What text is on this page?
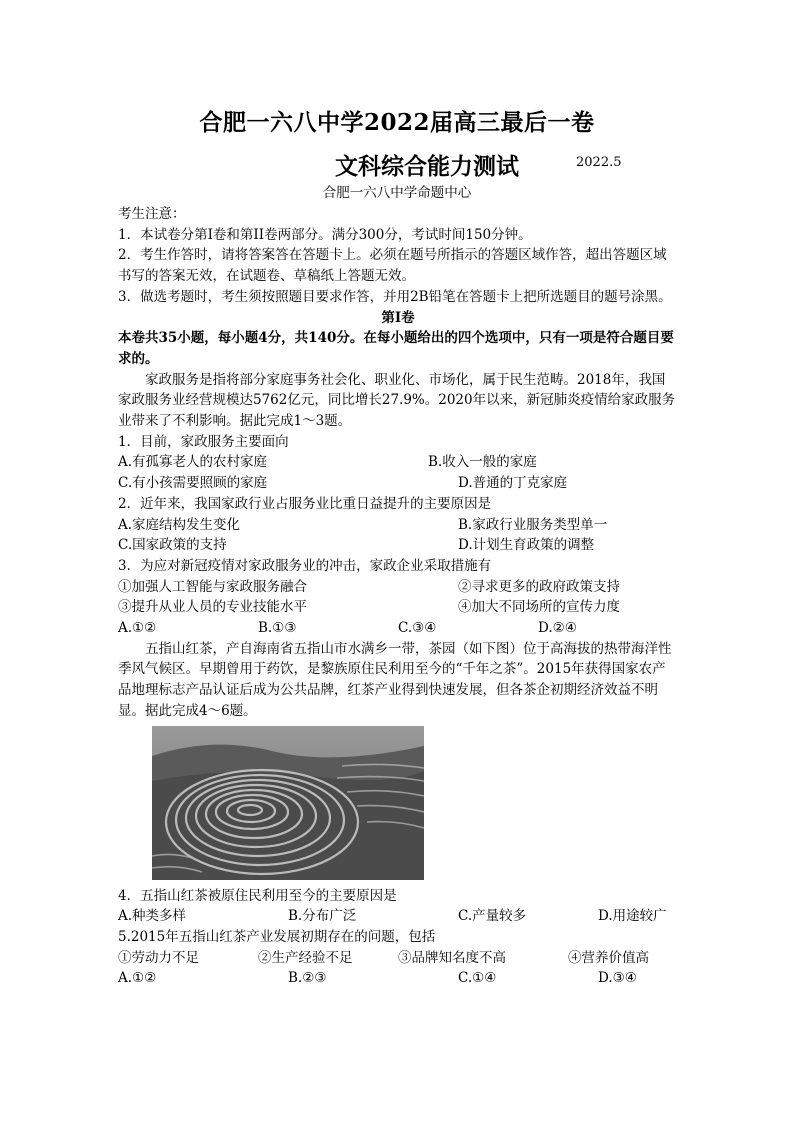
合肥一六八中学2022届高三最后一卷
文科综合能力测试	2022.5
合肥一六八中学命题中心

考生注意：

1．本试卷分第I卷和第II卷两部分。满分300分，考试时间150分钟。

2．考生作答时，请将答案答在答题卡上。必须在题号所指示的答题区域作答，超出答题区域书写的答案无效，在试题卷、草稿纸上答题无效。

3．做选考题时，考生须按照题目要求作答，并用2B铅笔在答题卡上把所选题目的题号涂黑。

第I卷

本卷共35小题，每小题4分，共140分。在每小题给出的四个选项中，只有一项是符合题目要求的。

家政服务是指将部分家庭事务社会化、职业化、市场化，属于民生范畴。2018年，我国家政服务业经营规模达5762亿元，同比增长27.9%。2020年以来，新冠肺炎疫情给家政服务业带来了不利影响。据此完成1～3题。

1．目前，家政服务主要面向

A.有孤寡老人的农村家庭	B.收入一般的家庭
C.有小孩需要照顾的家庭	D.普通的丁克家庭

2．近年来，我国家政行业占服务业比重日益提升的主要原因是

A.家庭结构发生变化	B.家政行业服务类型单一
C.国家政策的支持	D.计划生育政策的调整

3．为应对新冠疫情对家政服务业的冲击，家政企业采取措施有

①加强人工智能与家政服务融合	②寻求更多的政府政策支持
③提升从业人员的专业技能水平	④加大不同场所的宣传力度
A.①②	B.①③	C.③④	D.②④

五指山红茶，产自海南省五指山市水满乡一带，茶园（如下图）位于高海拔的热带海洋性季风气候区。早期曾用于药饮，是黎族原住民利用至今的“千年之茶”。2015年获得国家农产品地理标志产品认证后成为公共品牌，红茶产业得到快速发展，但各茶企初期经济效益不明显。据此完成4～6题。

4．五指山红茶被原住民利用至今的主要原因是

A.种类多样	B.分布广泛	C.产量较多	D.用途较广

5.2015年五指山红茶产业发展初期存在的问题，包括

①劳动力不足	②生产经验不足	③品牌知名度不高	④营养价值高
A.①②	B.②③	C.①④	D.③④
